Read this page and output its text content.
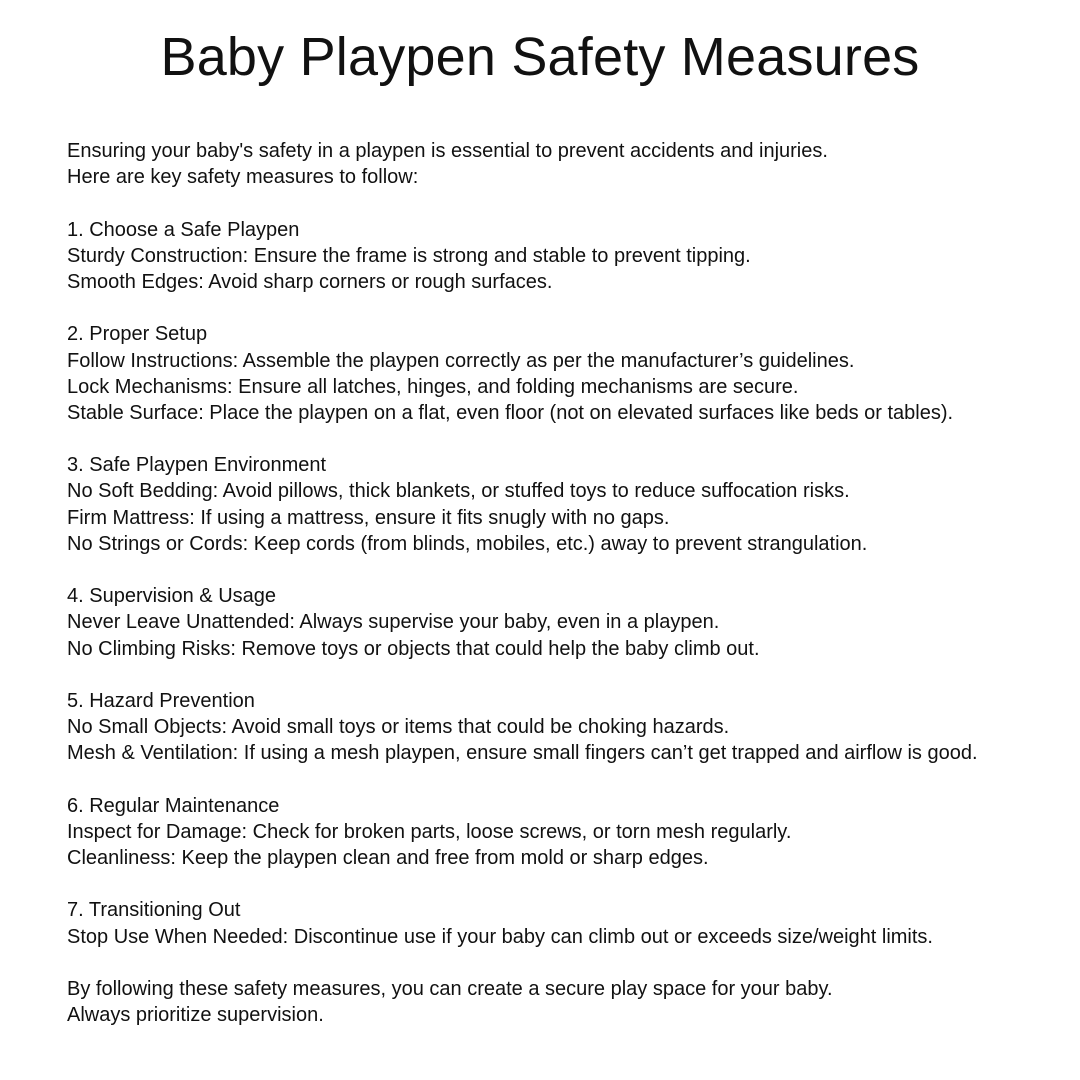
Baby Playpen Safety Measures
Ensuring your baby's safety in a playpen is essential to prevent accidents and injuries.
Here are key safety measures to follow:
1. Choose a Safe Playpen
Sturdy Construction: Ensure the frame is strong and stable to prevent tipping.
Smooth Edges: Avoid sharp corners or rough surfaces.
2. Proper Setup
Follow Instructions: Assemble the playpen correctly as per the manufacturer’s guidelines.
Lock Mechanisms: Ensure all latches, hinges, and folding mechanisms are secure.
Stable Surface: Place the playpen on a flat, even floor (not on elevated surfaces like beds or tables).
3. Safe Playpen Environment
No Soft Bedding: Avoid pillows, thick blankets, or stuffed toys to reduce suffocation risks.
Firm Mattress: If using a mattress, ensure it fits snugly with no gaps.
No Strings or Cords: Keep cords (from blinds, mobiles, etc.) away to prevent strangulation.
4. Supervision & Usage
Never Leave Unattended: Always supervise your baby, even in a playpen.
No Climbing Risks: Remove toys or objects that could help the baby climb out.
5. Hazard Prevention
No Small Objects: Avoid small toys or items that could be choking hazards.
Mesh & Ventilation: If using a mesh playpen, ensure small fingers can’t get trapped and airflow is good.
6. Regular Maintenance
Inspect for Damage: Check for broken parts, loose screws, or torn mesh regularly.
Cleanliness: Keep the playpen clean and free from mold or sharp edges.
7. Transitioning Out
Stop Use When Needed: Discontinue use if your baby can climb out or exceeds size/weight limits.
By following these safety measures, you can create a secure play space for your baby.
Always prioritize supervision.
